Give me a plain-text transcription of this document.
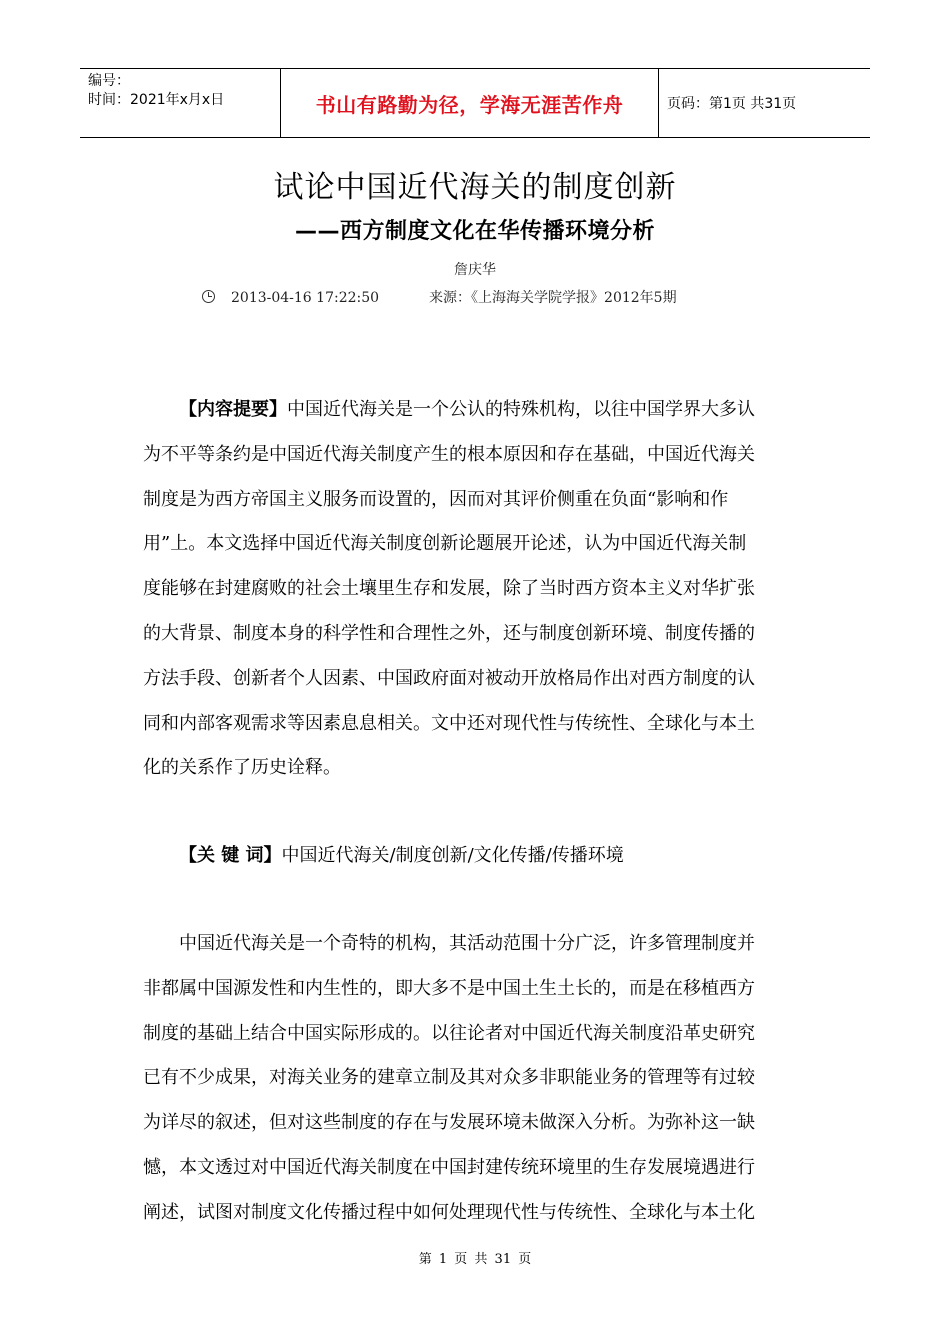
编号：
时间：2021年x月x日	书山有路勤为径，学海无涯苦作舟	页码：第1页 共31页
试论中国近代海关的制度创新
——西方制度文化在华传播环境分析
詹庆华
2013-04-16 17:22:50	来源：《上海海关学院学报》2012年5期
【内容提要】中国近代海关是一个公认的特殊机构，以往中国学界大多认
为不平等条约是中国近代海关制度产生的根本原因和存在基础，中国近代海关
制度是为西方帝国主义服务而设置的，因而对其评价侧重在负面“影响和作
用”上。本文选择中国近代海关制度创新论题展开论述，认为中国近代海关制
度能够在封建腐败的社会土壤里生存和发展，除了当时西方资本主义对华扩张
的大背景、制度本身的科学性和合理性之外，还与制度创新环境、制度传播的
方法手段、创新者个人因素、中国政府面对被动开放格局作出对西方制度的认
同和内部客观需求等因素息息相关。文中还对现代性与传统性、全球化与本土
化的关系作了历史诠释。
【关 键 词】中国近代海关/制度创新/文化传播/传播环境
中国近代海关是一个奇特的机构，其活动范围十分广泛，许多管理制度并
非都属中国源发性和内生性的，即大多不是中国土生土长的，而是在移植西方
制度的基础上结合中国实际形成的。以往论者对中国近代海关制度沿革史研究
已有不少成果，对海关业务的建章立制及其对众多非职能业务的管理等有过较
为详尽的叙述，但对这些制度的存在与发展环境未做深入分析。为弥补这一缺
憾，本文透过对中国近代海关制度在中国封建传统环境里的生存发展境遇进行
阐述，试图对制度文化传播过程中如何处理现代性与传统性、全球化与本土化
第 1 页 共 31 页
